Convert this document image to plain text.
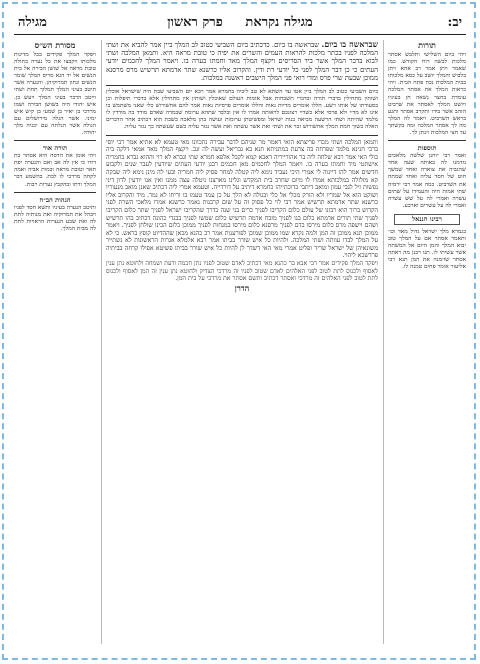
יב:
מגילה נקראת     פרק ראשון
מגילה
תורות
ויהי ביום השלישי ותלבש אסתר מלכות לבשה רוח הקודש. כמו שאמר ויתן אמר רב אחא ויתן בלבוש והמלך יושב על כסא מלכותו בבית המלכות נכח פתח הבית. ויהי כראות המלך את אסתר המלכה עומדת בחצר נשאה חן בעיניו ויושט המלך לאסתר את שרביט הזהב אשר בידו ותקרב אסתר ותגע בראש השרביט. ויאמר לה המלך מה לך אסתר המלכה ומה בקשתך עד חצי המלכות וינתן לך.
תוספות
ואמר רבי יוחנן שלשה מלאכים נזדמנו לה באותה שעה אחד שהגביה את צוארה ואחד שמשך חוט של חסד עליה ואחד שמתח את השרביט. כמה אמר רבי ירמיה שתי אמות היה והעמידו על שתים עשרה ואמרי לה על שש עשרה ואמרי לה על עשרים וארבע.
רבינו חננאל
בגמרא מלך ישראל גדול מאד וכו׳ ותאמר אסתר אם על המלך טוב יבוא המלך והמן היום אל המשתה אשר עשיתי לו. תנו רבנן מה ראתה אסתר שזימנה את המן תנא רבי אליעזר אומר פחים טמנה לו.
שבראשה בו ביום. שבראשה בו ביום. כדכתיב ביום השביעי כטוב לב המלך ביין אמר להביא את ושתי המלכה לפניו בכתר מלכות להראות העמים והשרים את יפיה כי טובת מראה היא. ותמאן המלכה ושתי לבוא בדבר המלך אשר ביד הסריסים ויקצף המלך מאד וחמתו בערה בו. ויאמר המלך לחכמים יודעי העתים כי כן דבר המלך לפני כל יודעי דת ודין. והקרוב אליו כרשנא שתר אדמתא תרשיש מרס מרסנא ממוכן שבעת שרי פרס ומדי רואי פני המלך הישבים ראשנה במלכות.
ביום השביעי כטוב לב המלך ביין אטו עד השתא לא טב ליביה בחמרא אמר רבא יום השביעי שבת היה שישראל אוכלין ושותין מתחילין בדברי תורה ובדברי תשבחות אבל אומות העולם שאוכלין ושותין אין מתחילין אלא בדברי תיפלות וכן בסעודתו של אותו רשע. הללו אומרים מדיות נאות והללו אומרים פרסיות נאות אמר להם אחשורוש כלי שאני משתמש בו אינו לא מדיי ולא פרסי אלא כשדיי רצונכם לראותה אמרו לו אין ובלבד שתהא ערומה שבמדה שאדם מודד בה מודדין לו מלמד שהיתה ושתי הרשעה מביאה בנות ישראל ומפשיטתן ערומות ועושה בהן מלאכה בשבת הוא דכתיב אחר הדברים האלה כשוך חמת המלך אחשורוש זכר את ושתי ואת אשר עשתה ואת אשר נגזר עליה כשם שעשתה כך נגזר עליה.
ותמאן המלכה ושתי מכדי פריצתא הואי דאמר מר שניהם לדבר עבירה נתכוונו מאי טעמא לא אתיא אמר רבי יוסי ברבי חנינא מלמד שפרחה בה צרעת במתניתא תנא בא גבריאל ועשה לה זנב. ויקצף המלך מאד אמאי דלקה ביה כולי האי אמר רבא שלחה ליה בר אהורייריה דאבא קמא לקבל אלפא חמרא שתי וגברא לא רוי וההוא גברא בחמריה אישתטי מיד וחמתו בערה בו. ויאמר המלך לחכמים מאן חכמים רבנן יודעי העתים שיודעין לעבר שנים ולקבוע חדשים אמר להו דיינוה לי אמרי היכי נעביד נימא ליה קטלה למחר פסיק ליה חמריה ובעי לה מינן נימא ליה שבקה קא מזלזלה במלכותא אמרו לו מיום שחרב בית המקדש וגלינו מארצנו ניטלה עצה ממנו ואין אנו יודעין לדון דיני נפשות זיל לגבי עמון ומואב דיתבי בדוכתייהו כחמרא דיתיב על דורדייה. וטעמא אמרי ליה דכתיב שאנן מואב מנעוריו ושוקט הוא אל שמריו ולא הורק מכלי אל כלי ובגולה לא הלך על כן עמד טעמו בו וריחו לא נמר. מיד והקרוב אליו כרשנא שתר אדמתא תרשיש אמר רבי לוי כל פסוק זה על שום קרבנות נאמר כרשנא אמרו מלאכי השרת לפני הקדוש ברוך הוא רבונו של עולם כלום הקריבו לפניך כרים בני שנה כדרך שהקריבו ישראל לפניך שתר כלום הקריבו לפניך שתי תורים אדמתא כלום בנו לפניך מזבח אדמה תרשיש כלום שמשו לפניך בבגדי כהונה דכתיב בהו תרשיש ושהם וישפה מרס כלום מירסו בדם לפניך מרסנא כלום מירסו במנחות לפניך ממוכן כלום הכינו שולחן לפניך. ויאמר ממוכן תנא ממוכן זה המן ולמה נקרא שמו ממוכן שמוכן לפורענות אמר רב כהנא מכאן שההדיוט קופץ בראש. כי לא על המלך לבדו עוותה ושתי המלכה. ולהיות כל איש שורר בביתו אמר רבא אלמלא אגרות הראשונות לא נשתייר משונאיהן של ישראל שריד ופליט אמרי מאי האי דשדר לן להיות כל איש שורר בביתו פשיטא אפילו קרחה בביתיה פרדשכא ליהוי.
ויפקד המלך פקידים אמר רבי אבא בר כהנא מאי דכתיב לאדם שטוב לפניו נתן חכמה ודעת ושמחה ולחוטא נתן ענין לאסוף ולכנוס לתת לטוב לפני האלהים לאדם שטוב לפניו זה מרדכי הצדיק ולחוטא נתן ענין זה המן לאסוף ולכנוס לתת לטוב לפני האלהים זה מרדכי ואסתר דכתיב ותשם אסתר את מרדכי על בית המן.
הדרן
מסורת הש״ס
ויפקד המלך פקידים בכל מדינות מלכותו ויקבצו את כל נערה בתולה טובת מראה אל שושן הבירה אל בית הנשים אל יד הגא סריס המלך שומר הנשים ונתון תמרוקיהן. והנערה אשר תיטב בעיני המלך תמלוך תחת ושתי וייטב הדבר בעיני המלך ויעש כן. איש יהודי היה בשושן הבירה ושמו מרדכי בן יאיר בן שמעי בן קיש איש ימיני. אשר הגלה מירושלים עם הגולה אשר הגלתה עם יכניה מלך יהודה.
תורה אור
ויהי אומן את הדסה היא אסתר בת דודו כי אין לה אב ואם והנערה יפת תאר וטובת מראה ובמות אביה ואמה לקחה מרדכי לו לבת. בהשמע דבר המלך ודתו ובהקבץ נערות רבות.
הגהות הב״ח
ותיטב הנערה בעיניו ותשא חסד לפניו ויבהל את תמרוקיה ואת מנותיה לתת לה ואת שבע הנערות הראויות לתת לה מבית המלך.
